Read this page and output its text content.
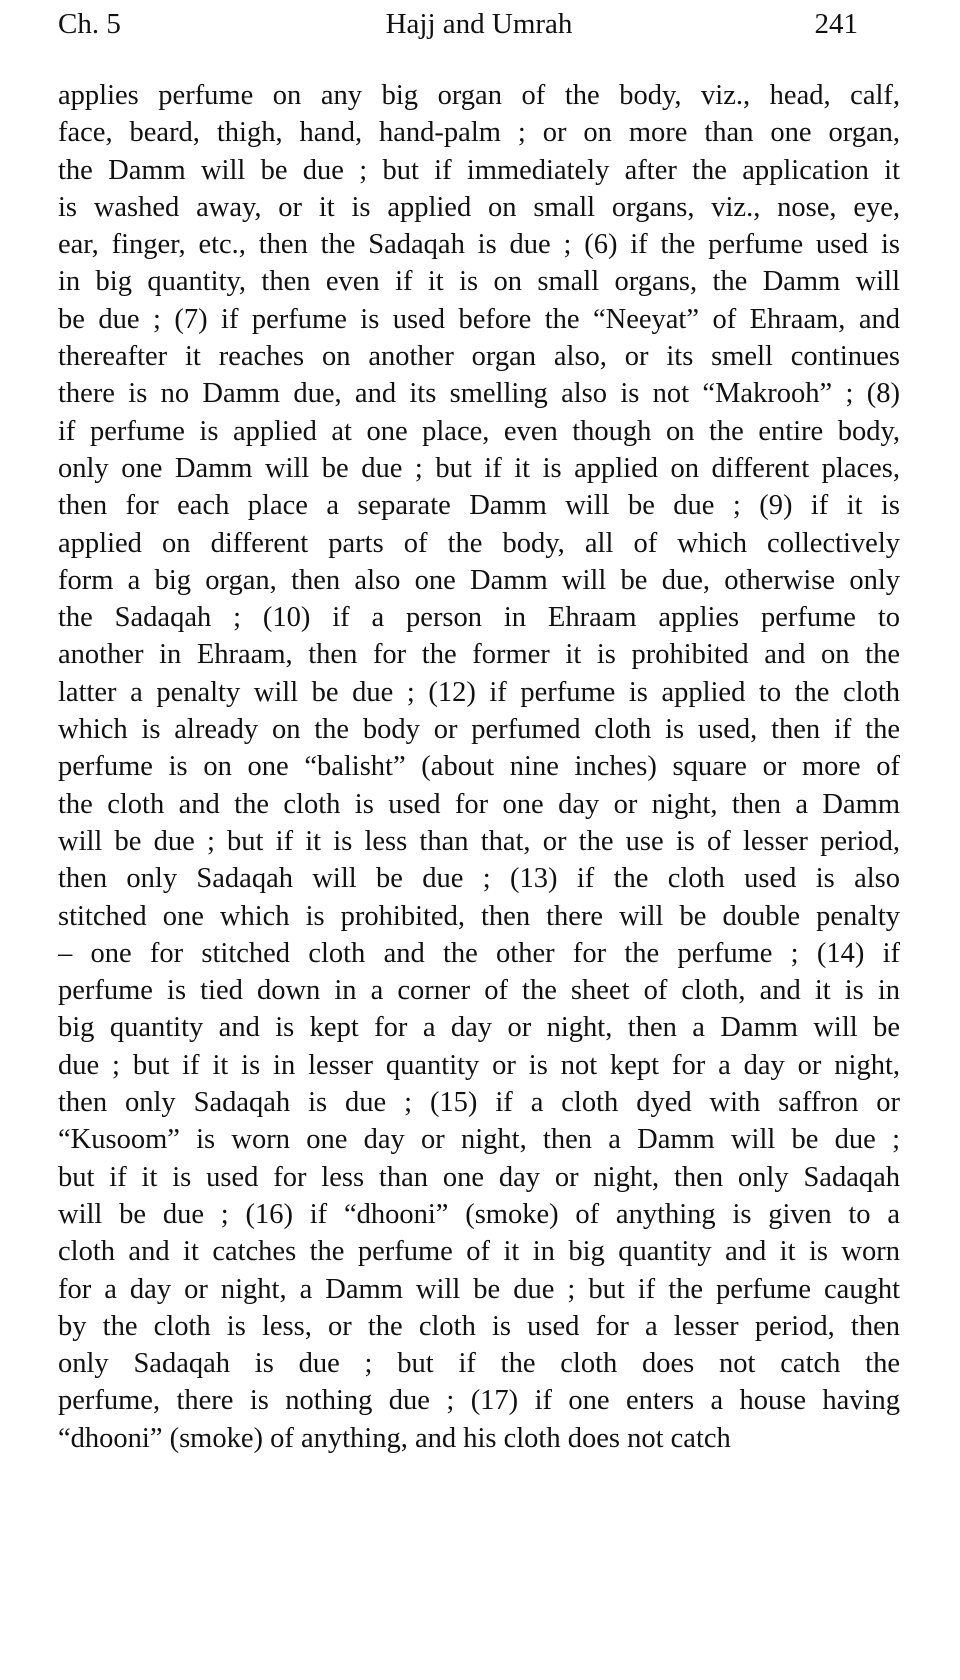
Ch. 5	Hajj and Umrah	241
applies perfume on any big organ of the body, viz., head, calf,
face, beard, thigh, hand, hand-palm ; or on more than one organ,
the Damm will be due ; but if immediately after the application it
is washed away, or it is applied on small organs, viz., nose, eye,
ear, finger, etc., then the Sadaqah is due ; (6) if the perfume used is
in big quantity, then even if it is on small organs, the Damm will
be due ; (7) if perfume is used before the “Neeyat” of Ehraam, and
thereafter it reaches on another organ also, or its smell continues
there is no Damm due, and its smelling also is not “Makrooh” ; (8)
if perfume is applied at one place, even though on the entire body,
only one Damm will be due ; but if it is applied on different places,
then for each place a separate Damm will be due ; (9) if it is
applied on different parts of the body, all of which collectively
form a big organ, then also one Damm will be due, otherwise only
the Sadaqah ; (10) if a person in Ehraam applies perfume to
another in Ehraam, then for the former it is prohibited and on the
latter a penalty will be due ; (12) if perfume is applied to the cloth
which is already on the body or perfumed cloth is used, then if the
perfume is on one “balisht” (about nine inches) square or more of
the cloth and the cloth is used for one day or night, then a Damm
will be due ; but if it is less than that, or the use is of lesser period,
then only Sadaqah will be due ; (13) if the cloth used is also
stitched one which is prohibited, then there will be double penalty
– one for stitched cloth and the other for the perfume ; (14) if
perfume is tied down in a corner of the sheet of cloth, and it is in
big quantity and is kept for a day or night, then a Damm will be
due ; but if it is in lesser quantity or is not kept for a day or night,
then only Sadaqah is due ; (15) if a cloth dyed with saffron or
“Kusoom” is worn one day or night, then a Damm will be due ;
but if it is used for less than one day or night, then only Sadaqah
will be due ; (16) if “dhooni” (smoke) of anything is given to a
cloth and it catches the perfume of it in big quantity and it is worn
for a day or night, a Damm will be due ; but if the perfume caught
by the cloth is less, or the cloth is used for a lesser period, then
only Sadaqah is due ; but if the cloth does not catch the
perfume, there is nothing due ; (17) if one enters a house having
“dhooni” (smoke) of anything, and his cloth does not catch
